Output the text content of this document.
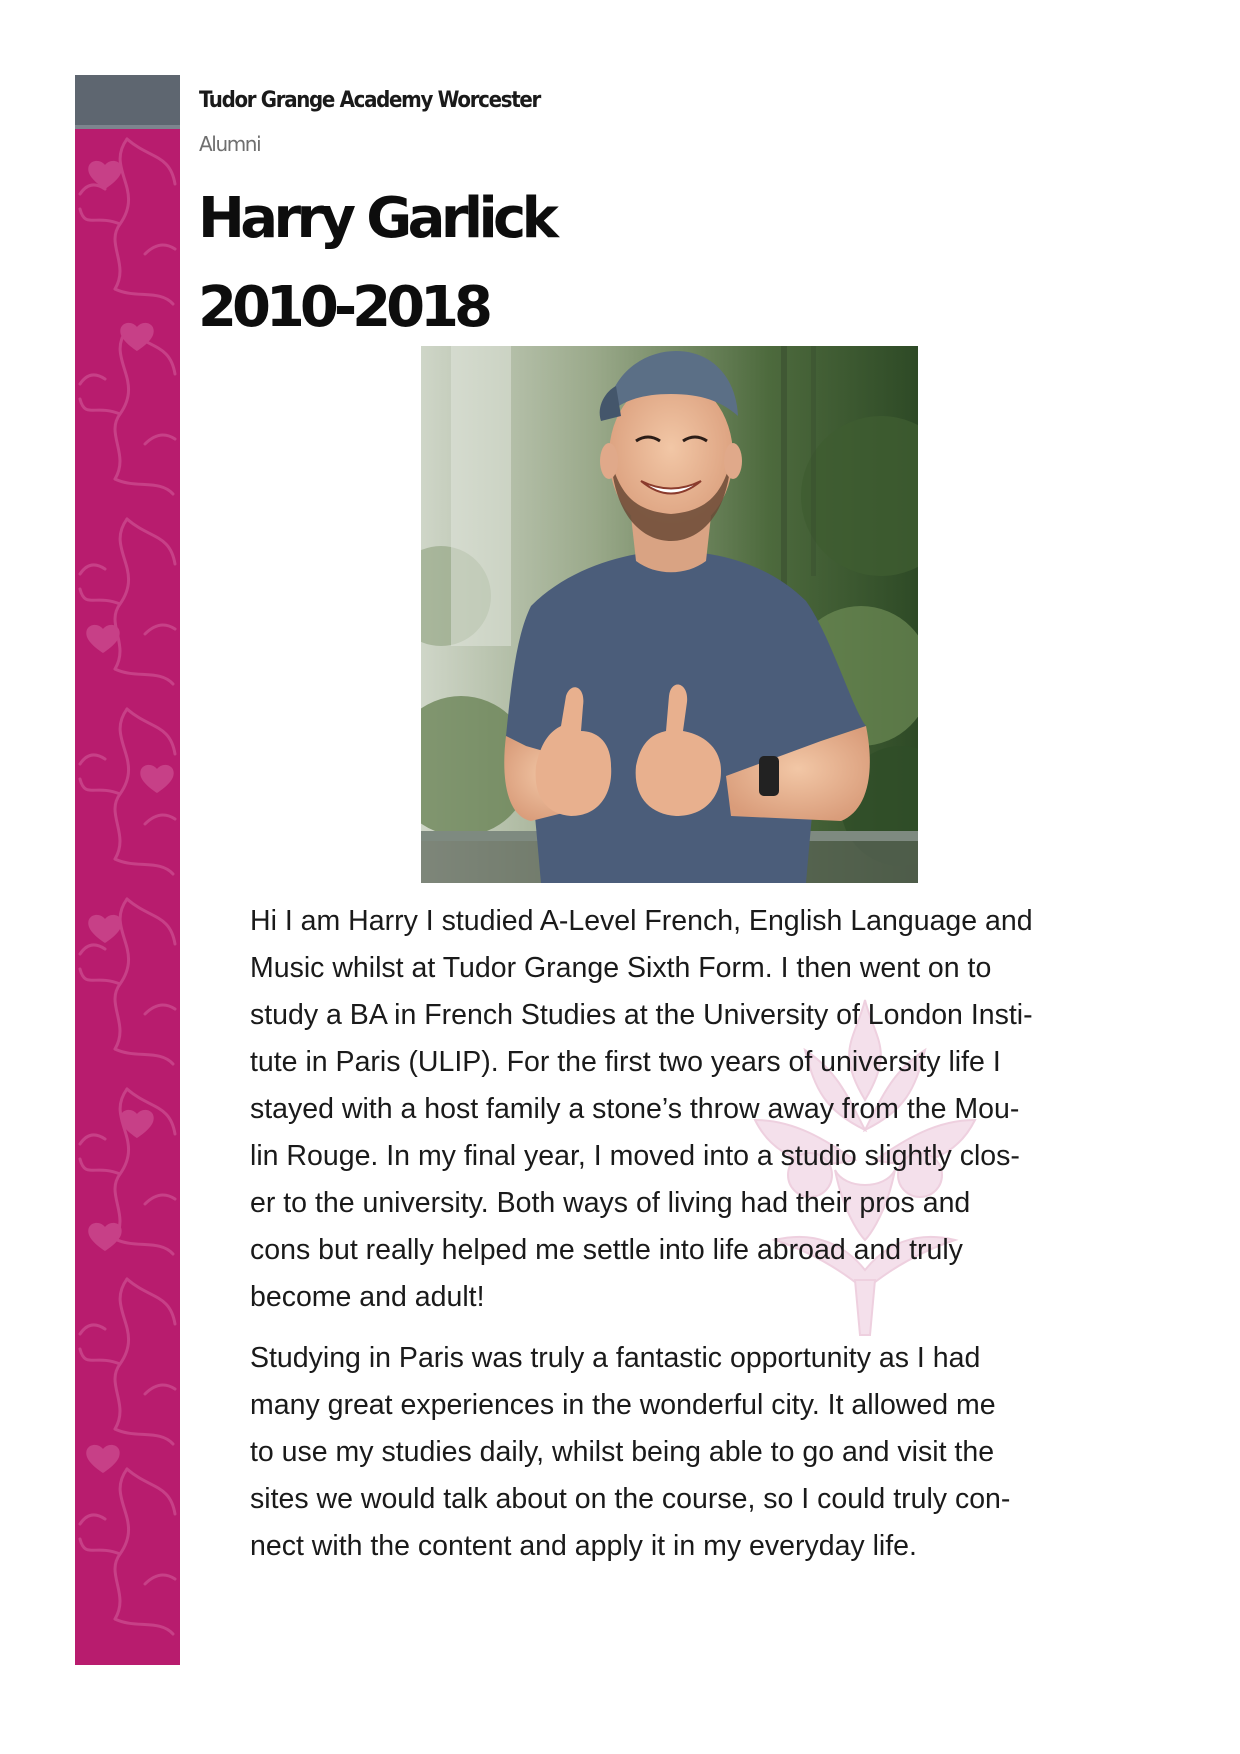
Tudor Grange Academy Worcester
Alumni
Harry Garlick
2010-2018
Hi I am Harry I studied A-Level French, English Language and
Music whilst at Tudor Grange Sixth Form. I then went on to
study a BA in French Studies at the University of London Insti-
tute in Paris (ULIP). For the first two years of university life I
stayed with a host family a stone’s throw away from the Mou-
lin Rouge. In my final year, I moved into a studio slightly clos-
er to the university. Both ways of living had their pros and
cons but really helped me settle into life abroad and truly
become and adult!
Studying in Paris was truly a fantastic opportunity as I had
many great experiences in the wonderful city. It allowed me
to use my studies daily, whilst being able to go and visit the
sites we would talk about on the course, so I could truly con-
nect with the content and apply it in my everyday life.
